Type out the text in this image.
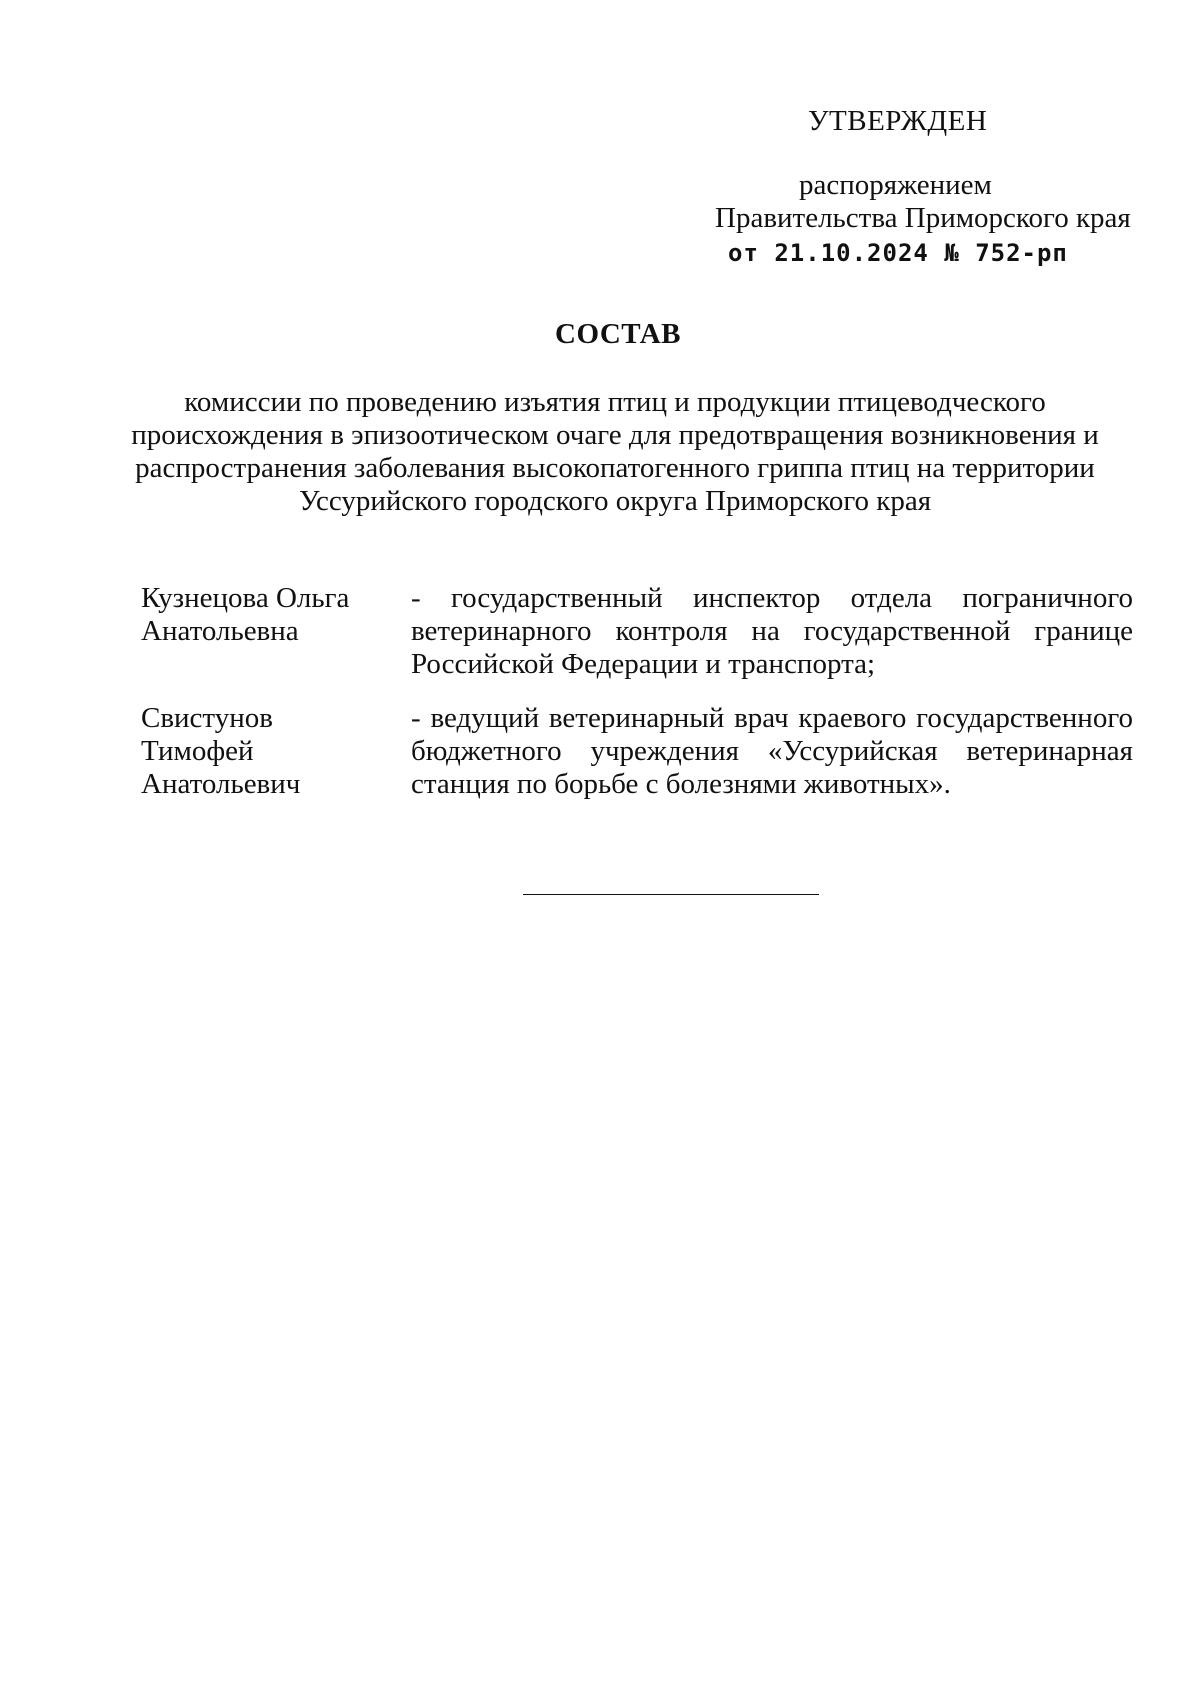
УТВЕРЖДЕН
распоряжением
Правительства Приморского края
от 21.10.2024 № 752-рп
СОСТАВ
комиссии по проведению изъятия птиц и продукции птицеводческого происхождения в эпизоотическом очаге для предотвращения возникновения и распространения заболевания высокопатогенного гриппа птиц на территории Уссурийского городского округа Приморского края
Кузнецова Ольга
Анатольевна
- государственный инспектор отдела пограничного ветеринарного контроля на государственной границе Российской Федерации и транспорта;
Свистунов
Тимофей
Анатольевич
- ведущий ветеринарный врач краевого государственного бюджетного учреждения «Уссурийская ветеринарная станция по борьбе с болезнями животных».
